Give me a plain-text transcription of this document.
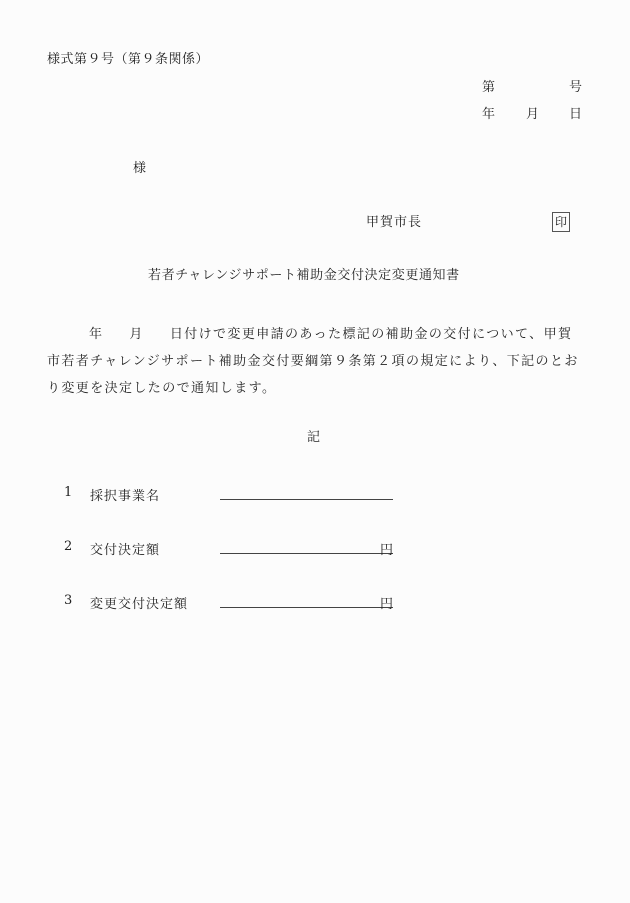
様式第９号（第９条関係）
第	号
年 月 日
様
甲賀市長	印
若者チャレンジサポート補助金交付決定変更通知書
年 月 日付けで変更申請のあった標記の補助金の交付について、甲賀
市若者チャレンジサポート補助金交付要綱第９条第２項の規定により、下記のとお
り変更を決定したので通知します。
記
1 採択事業名
2 交付決定額	円
3 変更交付決定額	円
